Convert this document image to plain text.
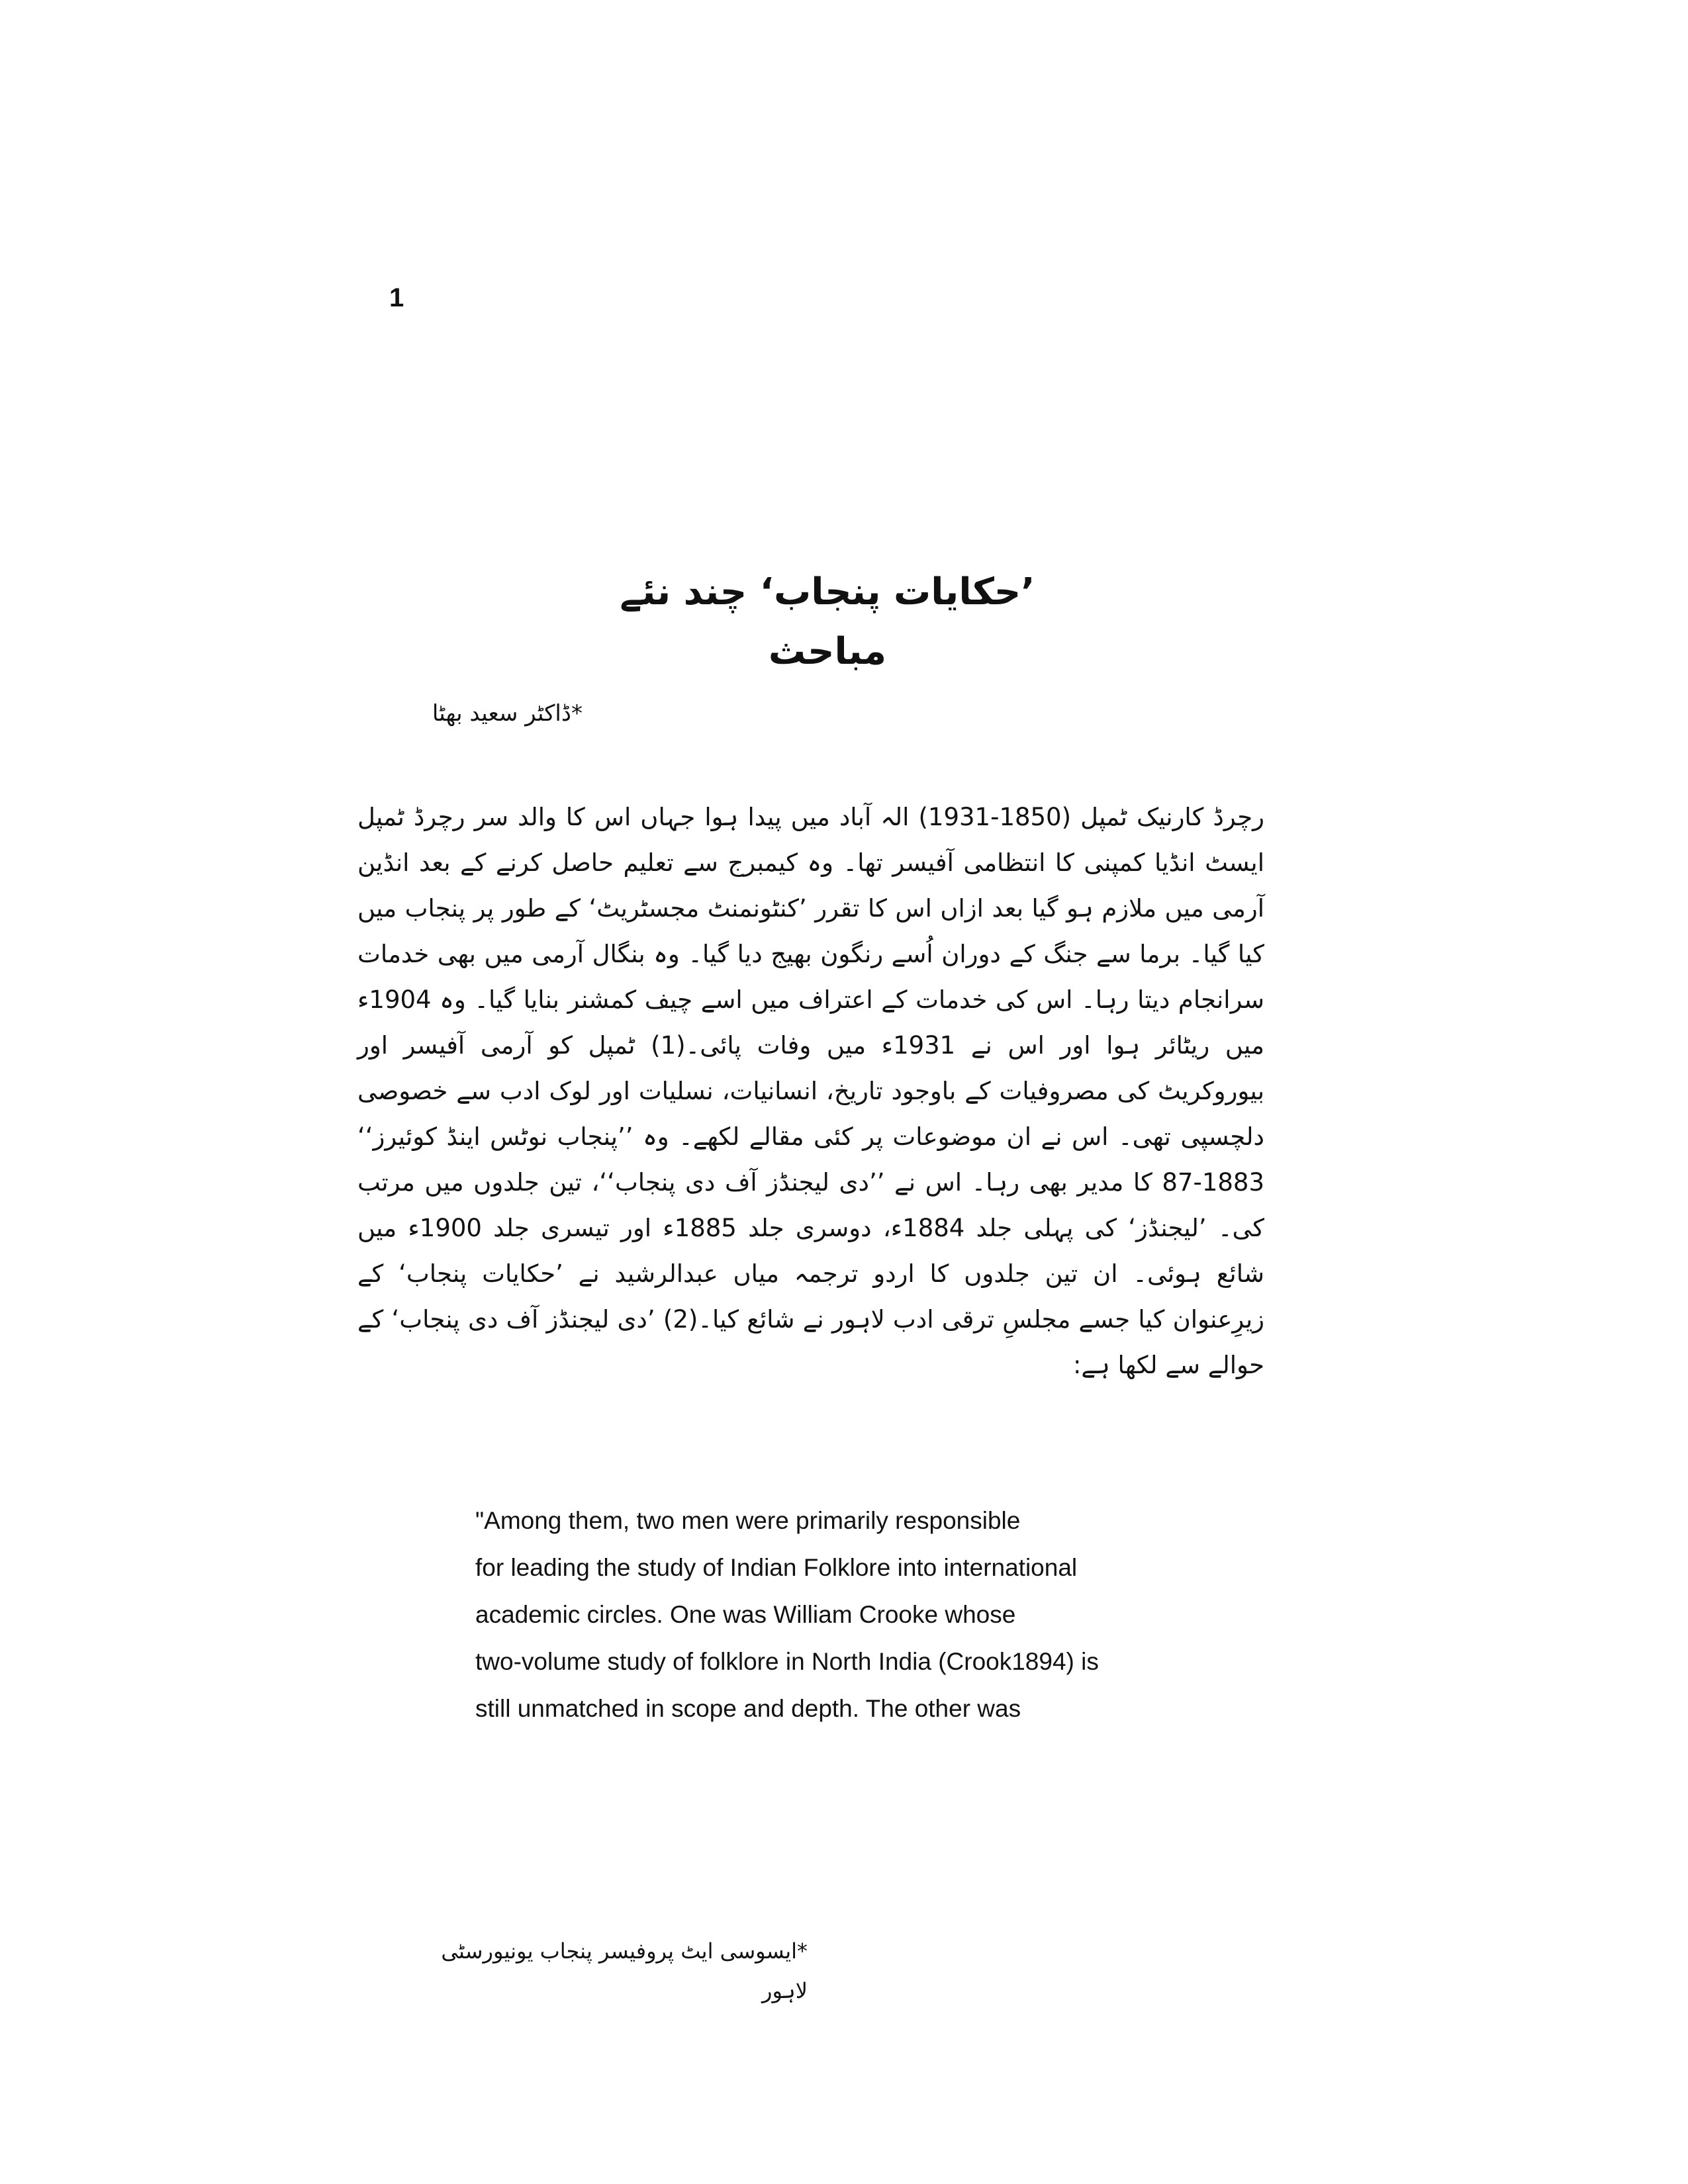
1
’حکایات پنجاب‘ چند نئے مباحث
*ڈاکٹر سعید بھٹا

رچرڈ کارنیک ٹمپل (1850-1931) الہ آباد میں پیدا ہوا جہاں اس کا والد سر رچرڈ ٹمپل ایسٹ انڈیا کمپنی کا انتظامی آفیسر تھا۔ وہ کیمبرج سے تعلیم حاصل کرنے کے بعد انڈین آرمی میں ملازم ہو گیا بعد ازاں اس کا تقرر ’کنٹونمنٹ مجسٹریٹ‘ کے طور پر پنجاب میں کیا گیا۔ برما سے جنگ کے دوران اُسے رنگون بھیج دیا گیا۔ وہ بنگال آرمی میں بھی خدمات سرانجام دیتا رہا۔ اس کی خدمات کے اعتراف میں اسے چیف کمشنر بنایا گیا۔ وہ 1904ء میں ریٹائر ہوا اور اس نے 1931ء میں وفات پائی۔(1) ٹمپل کو آرمی آفیسر اور بیوروکریٹ کی مصروفیات کے باوجود تاریخ، انسانیات، نسلیات اور لوک ادب سے خصوصی دلچسپی تھی۔ اس نے ان موضوعات پر کئی مقالے لکھے۔ وہ ’’پنجاب نوٹس اینڈ کوئیرز‘‘ 1883-87 کا مدیر بھی رہا۔ اس نے ’’دی لیجنڈز آف دی پنجاب‘‘، تین جلدوں میں مرتب کی۔ ’لیجنڈز‘ کی پہلی جلد 1884ء، دوسری جلد 1885ء اور تیسری جلد 1900ء میں شائع ہوئی۔ ان تین جلدوں کا اردو ترجمہ میاں عبدالرشید نے ’حکایات پنجاب‘ کے زیرِعنوان کیا جسے مجلسِ ترقی ادب لاہور نے شائع کیا۔(2) ’دی لیجنڈز آف دی پنجاب‘ کے حوالے سے لکھا ہے:

"Among them, two men were primarily responsible
for leading the study of Indian Folklore into international
academic circles. One was William Crooke whose
two-volume study of folklore in North India (Crook1894) is
still unmatched in scope and depth. The other was
*ایسوسی ایٹ پروفیسر پنجاب یونیورسٹی لاہور
